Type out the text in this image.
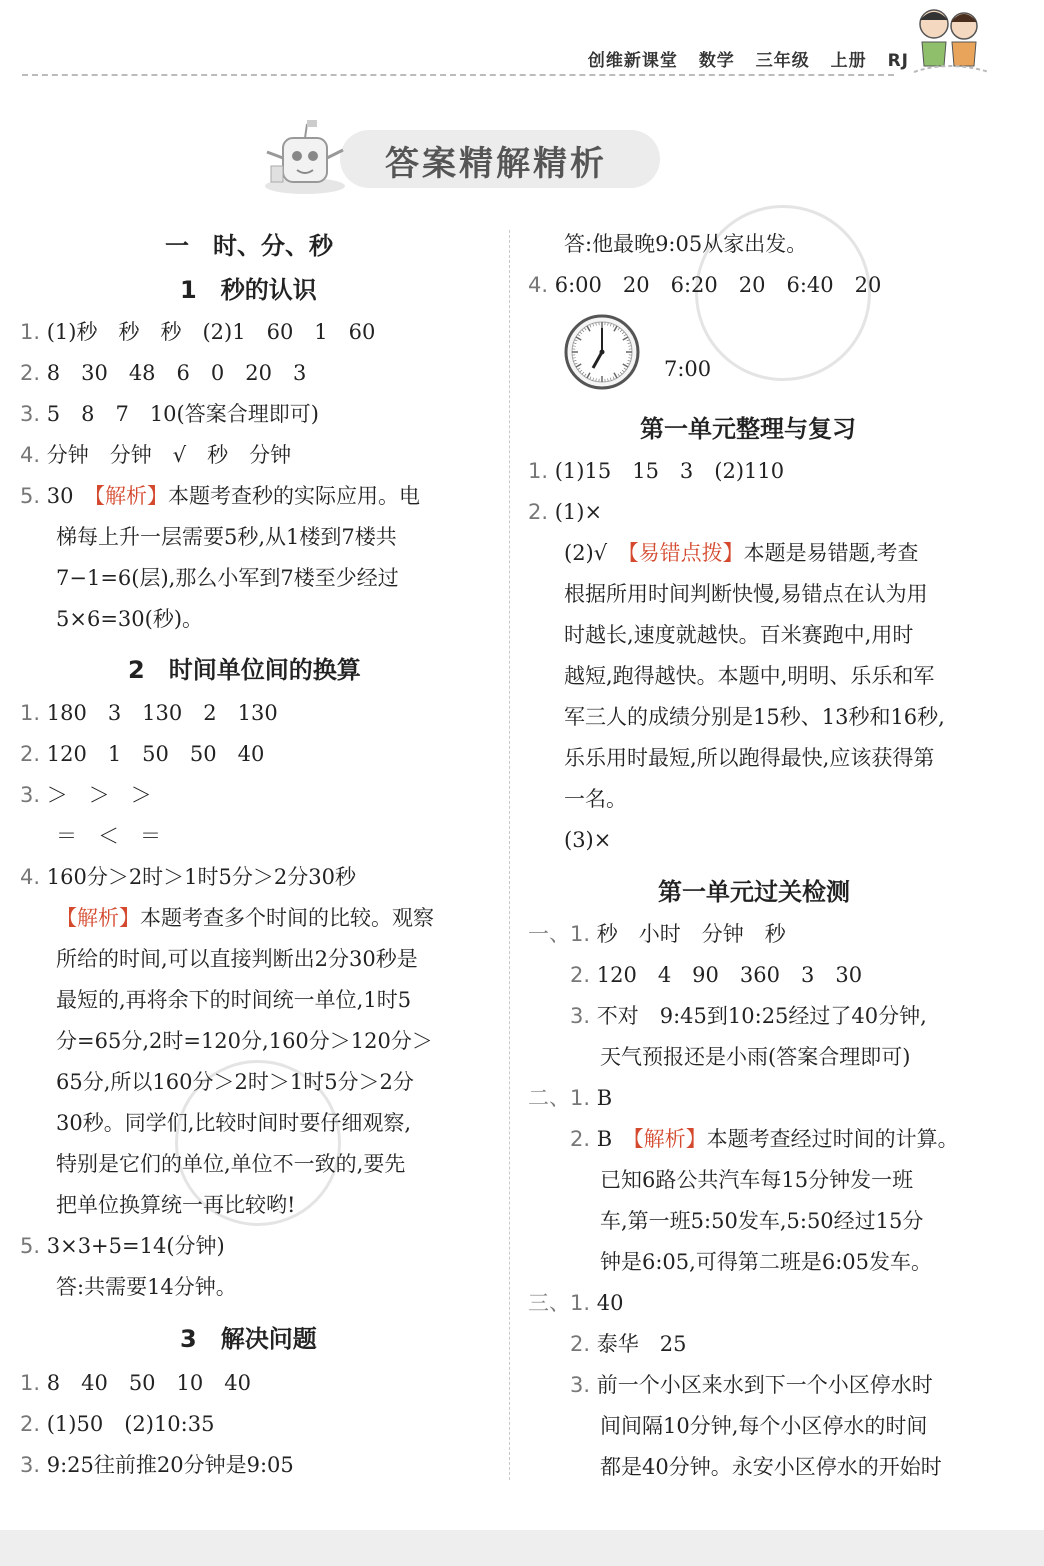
创维新课堂 数学 三年级 上册 RJ
答案精解精析
一　时、分、秒
1　秒的认识
1. (1)秒　秒　秒　(2)1　60　1　60
2. 8　30　48　6　0　20　3
3. 5　8　7　10(答案合理即可)
4. 分钟　分钟　√　秒　分钟
5. 30　【解析】本题考查秒的实际应用。电
梯每上升一层需要5秒,从1楼到7楼共
7−1=6(层),那么小军到7楼至少经过
5×6=30(秒)。
2　时间单位间的换算
1. 180　3　130　2　130
2. 120　1　50　50　40
3. ＞　＞　＞
＝　＜　＝
4. 160分＞2时＞1时5分＞2分30秒
【解析】本题考查多个时间的比较。观察
所给的时间,可以直接判断出2分30秒是
最短的,再将余下的时间统一单位,1时5
分=65分,2时=120分,160分＞120分＞
65分,所以160分＞2时＞1时5分＞2分
30秒。同学们,比较时间时要仔细观察,
特别是它们的单位,单位不一致的,要先
把单位换算统一再比较哟!
5. 3×3+5=14(分钟)
答:共需要14分钟。
3　解决问题
1. 8　40　50　10　40
2. (1)50　(2)10:35
3. 9:25往前推20分钟是9:05
答:他最晚9:05从家出发。
4. 6:00　20　6:20　20　6:40　20
7:00
第一单元整理与复习
1. (1)15　15　3　(2)110
2. (1)×
(2)√　【易错点拨】本题是易错题,考查
根据所用时间判断快慢,易错点在认为用
时越长,速度就越快。百米赛跑中,用时
越短,跑得越快。本题中,明明、乐乐和军
军三人的成绩分别是15秒、13秒和16秒,
乐乐用时最短,所以跑得最快,应该获得第
一名。
(3)×
第一单元过关检测
一、1. 秒　小时　分钟　秒
2. 120　4　90　360　3　30
3. 不对　9:45到10:25经过了40分钟,
天气预报还是小雨(答案合理即可)
二、1. B
2. B　【解析】本题考查经过时间的计算。
已知6路公共汽车每15分钟发一班
车,第一班5:50发车,5:50经过15分
钟是6:05,可得第二班是6:05发车。
三、1. 40
2. 泰华　25
3. 前一个小区来水到下一个小区停水时
间间隔10分钟,每个小区停水的时间
都是40分钟。永安小区停水的开始时
